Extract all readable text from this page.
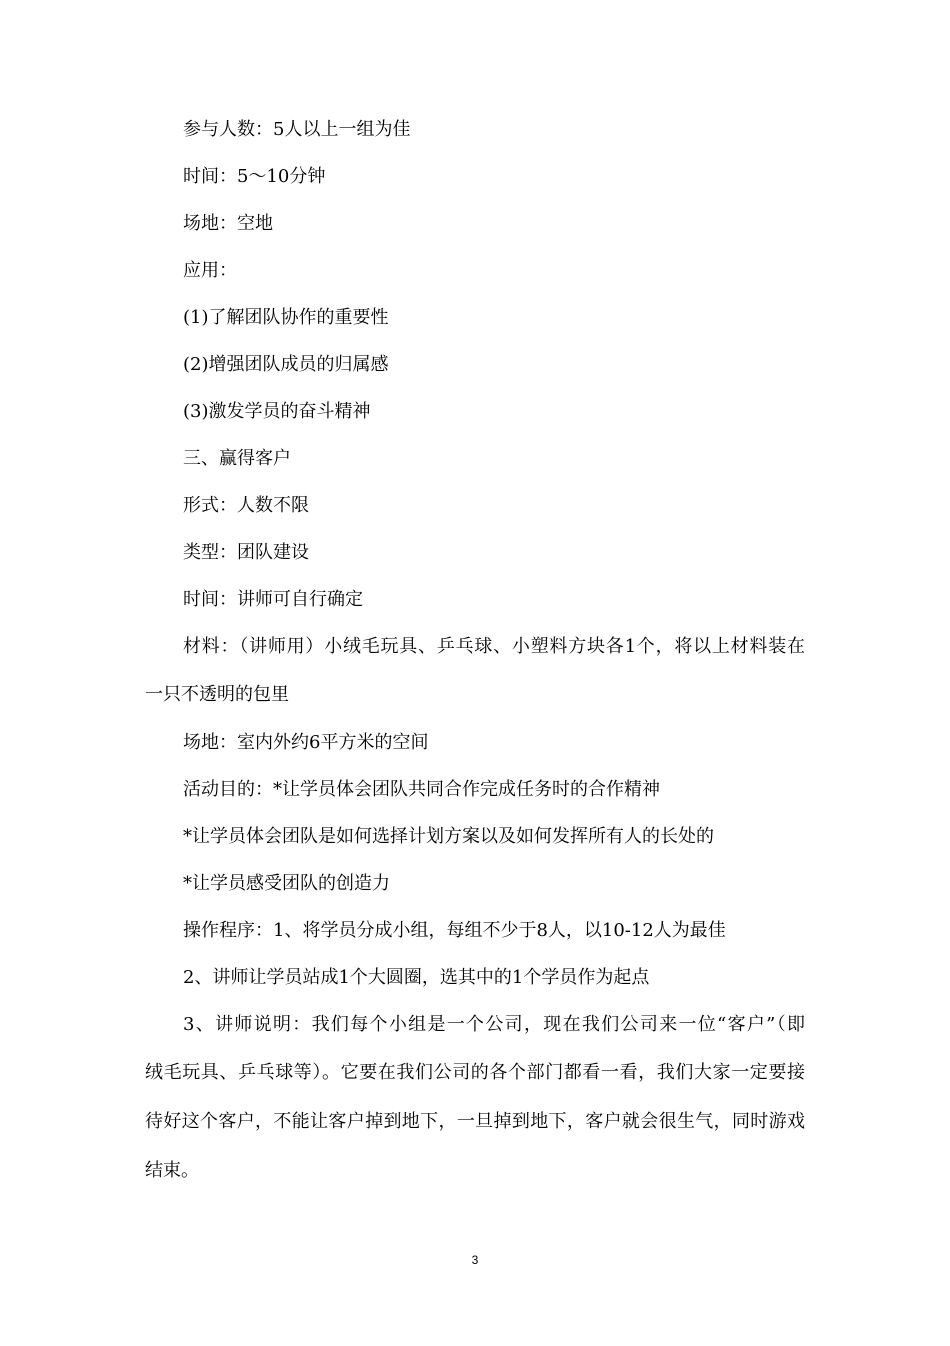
参与人数：5人以上一组为佳
时间：5～10分钟
场地：空地
应用：
(1)了解团队协作的重要性
(2)增强团队成员的归属感
(3)激发学员的奋斗精神
三、赢得客户
形式：人数不限
类型：团队建设
时间：讲师可自行确定
材料：（讲师用）小绒毛玩具、乒乓球、小塑料方块各1个，将以上材料装在
一只不透明的包里
场地：室内外约6平方米的空间
活动目的：*让学员体会团队共同合作完成任务时的合作精神
*让学员体会团队是如何选择计划方案以及如何发挥所有人的长处的
*让学员感受团队的创造力
操作程序：1、将学员分成小组，每组不少于8人，以10-12人为最佳
2、讲师让学员站成1个大圆圈，选其中的1个学员作为起点
3、讲师说明：我们每个小组是一个公司，现在我们公司来一位“客户”（即
绒毛玩具、乒乓球等）。它要在我们公司的各个部门都看一看，我们大家一定要接
待好这个客户，不能让客户掉到地下，一旦掉到地下，客户就会很生气，同时游戏
结束。
3
